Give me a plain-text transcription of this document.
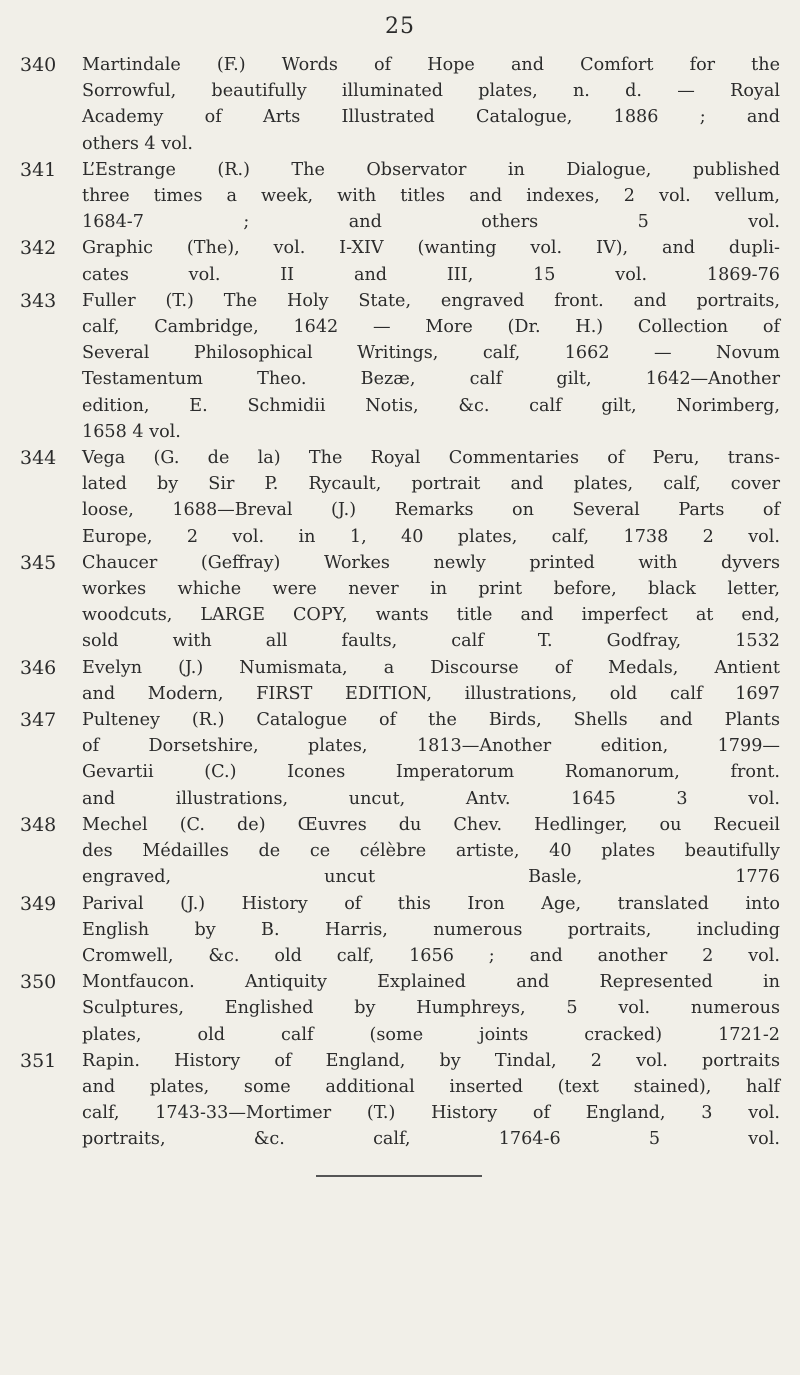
25
340	Martindale (F.) Words of Hope and Comfort for the
Sorrowful, beautifully illuminated plates, n. d. — Royal
Academy of Arts Illustrated Catalogue, 1886 ; and
others 4 vol.
341	L’Estrange (R.) The Observator in Dialogue, published
three times a week, with titles and indexes, 2 vol. vellum,
1684-7 ; and others 5 vol.
342	Graphic (The), vol. I-XIV (wanting vol. IV), and dupli-
cates vol. II and III, 15 vol. 1869-76
343	Fuller (T.) The Holy State, engraved front. and portraits,
calf, Cambridge, 1642 — More (Dr. H.) Collection of
Several Philosophical Writings, calf, 1662 — Novum
Testamentum Theo. Bezæ, calf gilt, 1642—Another
edition, E. Schmidii Notis, &c. calf gilt, Norimberg,
1658 4 vol.
344	Vega (G. de la) The Royal Commentaries of Peru, trans-
lated by Sir P. Rycault, portrait and plates, calf, cover
loose, 1688—Breval (J.) Remarks on Several Parts of
Europe, 2 vol. in 1, 40 plates, calf, 1738 2 vol.
345	Chaucer (Geffray) Workes newly printed with dyvers
workes whiche were never in print before, black letter,
woodcuts, LARGE COPY, wants title and imperfect at end,
sold with all faults, calf T. Godfray, 1532
346	Evelyn (J.) Numismata, a Discourse of Medals, Antient
and Modern, FIRST EDITION, illustrations, old calf 1697
347	Pulteney (R.) Catalogue of the Birds, Shells and Plants
of Dorsetshire, plates, 1813—Another edition, 1799—
Gevartii (C.) Icones Imperatorum Romanorum, front.
and illustrations, uncut, Antv. 1645 3 vol.
348	Mechel (C. de) Œuvres du Chev. Hedlinger, ou Recueil
des Médailles de ce célèbre artiste, 40 plates beautifully
engraved, uncut Basle, 1776
349	Parival (J.) History of this Iron Age, translated into
English by B. Harris, numerous portraits, including
Cromwell, &c. old calf, 1656 ; and another 2 vol.
350	Montfaucon. Antiquity Explained and Represented in
Sculptures, Englished by Humphreys, 5 vol. numerous
plates, old calf (some joints cracked) 1721-2
351	Rapin. History of England, by Tindal, 2 vol. portraits
and plates, some additional inserted (text stained), half
calf, 1743-33—Mortimer (T.) History of England, 3 vol.
portraits, &c. calf, 1764-6 5 vol.
